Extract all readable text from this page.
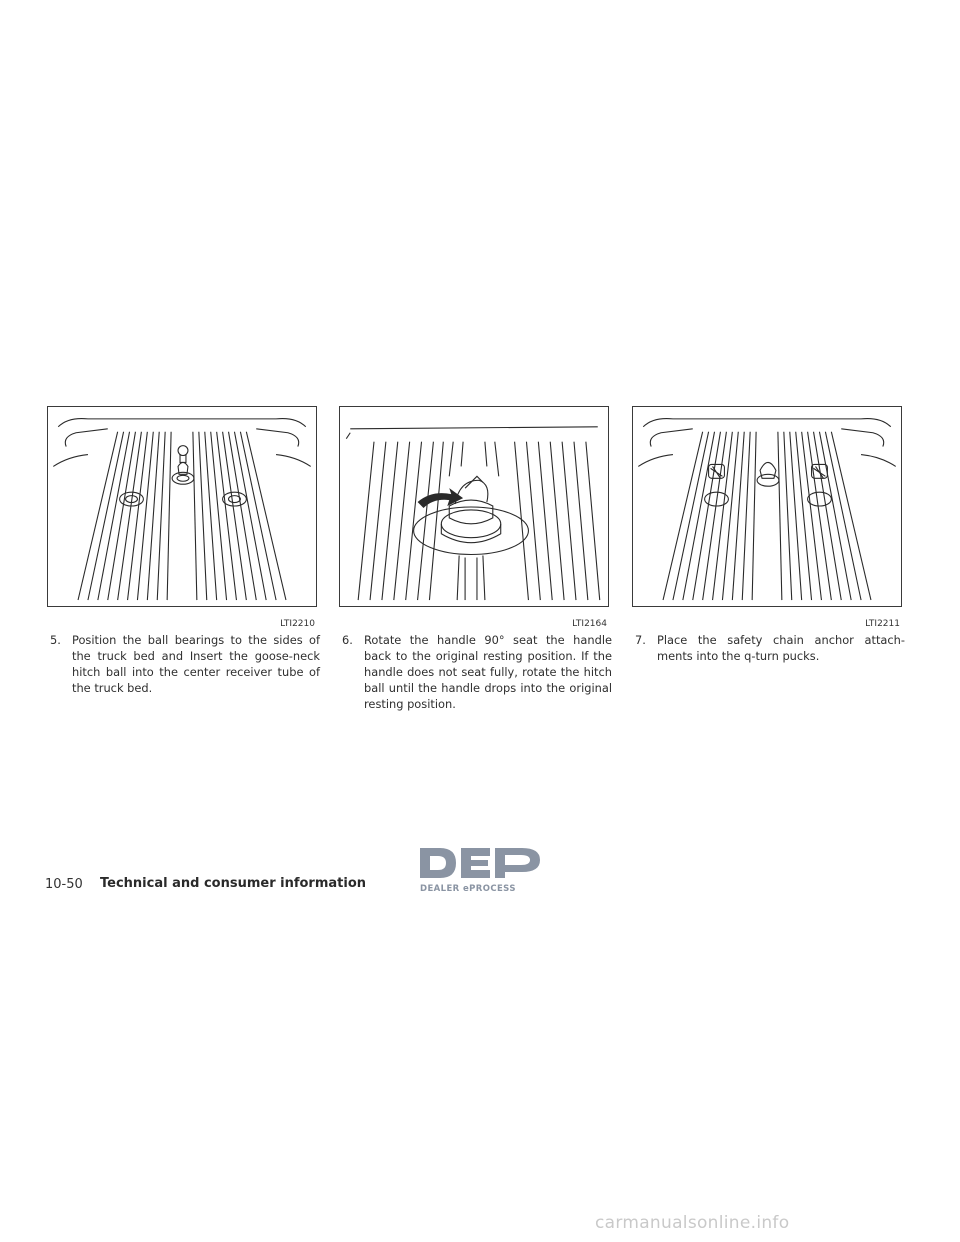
LTI2210
5. Position the ball bearings to the sides of the truck bed and Insert the goose-neck hitch ball into the center receiver tube of the truck bed.
LTI2164
6. Rotate the handle 90° seat the handle back to the original resting position. If the handle does not seat fully, rotate the hitch ball until the handle drops into the original resting position.
LTI2211
7. Place the safety chain anchor attach-ments into the q-turn pucks.
10-50 Technical and consumer information	DEALER ePROCESS
carmanualsonline.info
